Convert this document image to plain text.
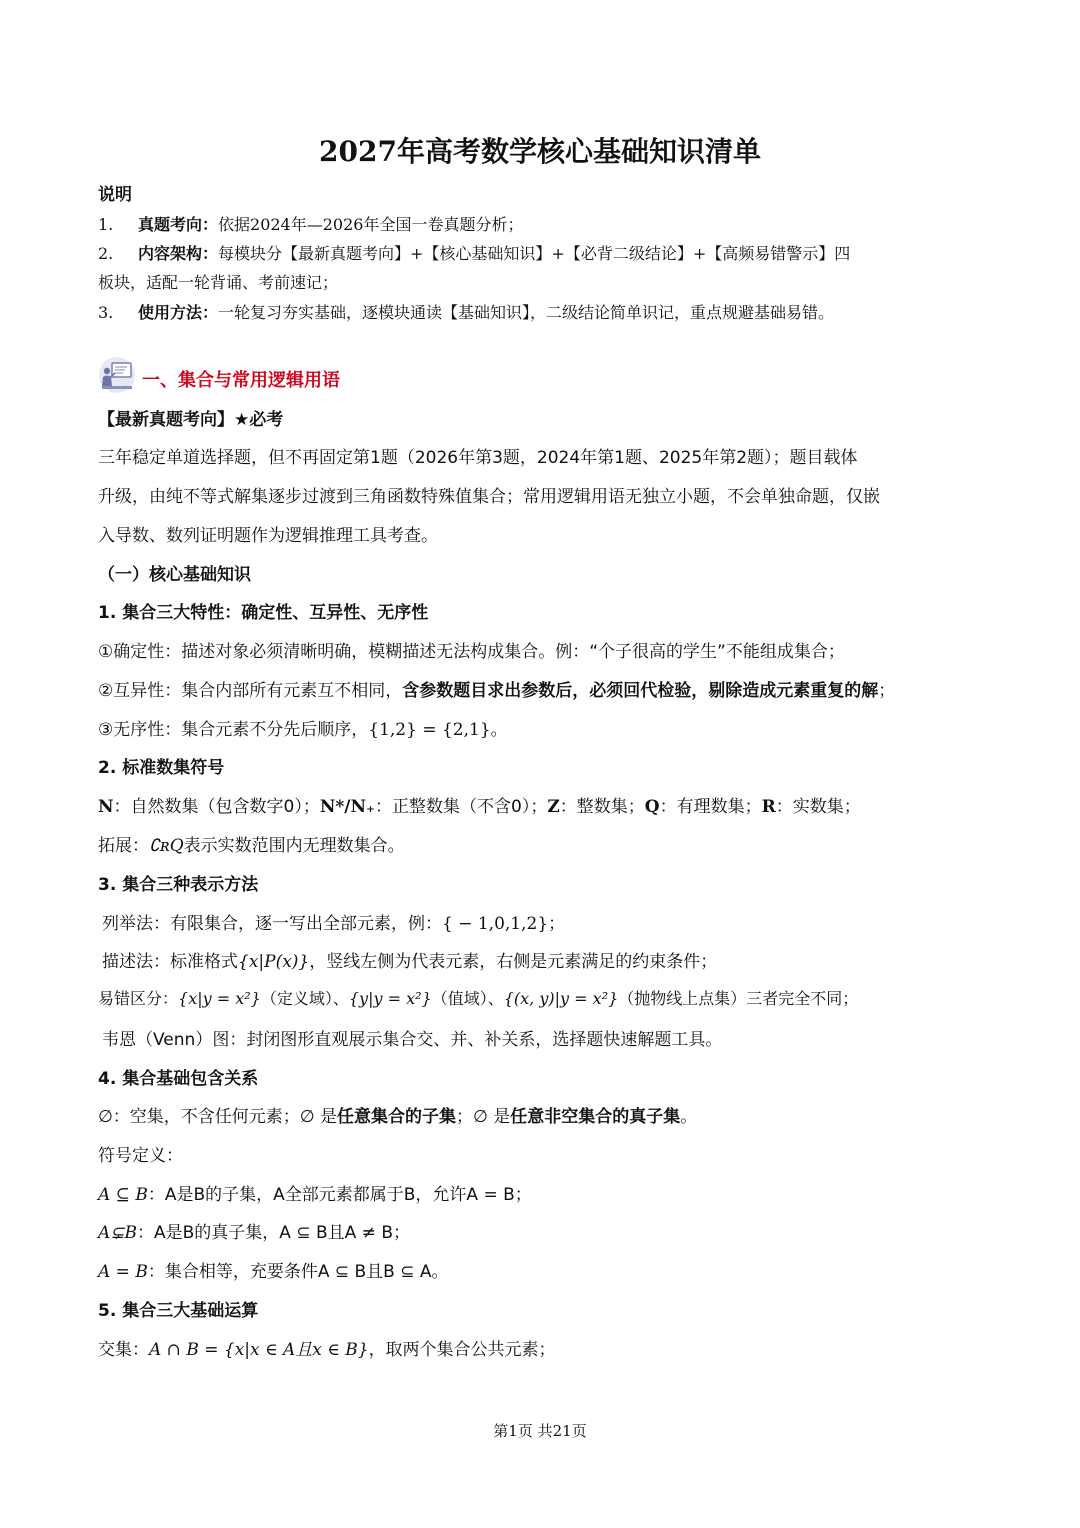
2027年高考数学核心基础知识清单
说明
1. 真题考向：依据2024年—2026年全国一卷真题分析；
2. 内容架构：每模块分【最新真题考向】+【核心基础知识】+【必背二级结论】+【高频易错警示】四
板块，适配一轮背诵、考前速记；
3. 使用方法：一轮复习夯实基础，逐模块通读【基础知识】，二级结论简单识记，重点规避基础易错。
一、集合与常用逻辑用语
【最新真题考向】★必考
三年稳定单道选择题，但不再固定第1题（2026年第3题，2024年第1题、2025年第2题）；题目载体
升级，由纯不等式解集逐步过渡到三角函数特殊值集合；常用逻辑用语无独立小题，不会单独命题，仅嵌
入导数、数列证明题作为逻辑推理工具考查。
（一）核心基础知识
1. 集合三大特性：确定性、互异性、无序性
①确定性：描述对象必须清晰明确，模糊描述无法构成集合。例：“个子很高的学生”不能组成集合；
②互异性：集合内部所有元素互不相同，含参数题目求出参数后，必须回代检验，剔除造成元素重复的解；
③无序性：集合元素不分先后顺序，{1,2} = {2,1}。
2. 标准数集符号
N：自然数集（包含数字0）；N*/N₊：正整数集（不含0）；Z：整数集；Q：有理数集；R：实数集；
拓展：∁ʀQ表示实数范围内无理数集合。
3. 集合三种表示方法
列举法：有限集合，逐一写出全部元素，例：{ − 1,0,1,2}；
描述法：标准格式{x|P(x)}，竖线左侧为代表元素，右侧是元素满足的约束条件；
易错区分：{x|y = x²}（定义域）、{y|y = x²}（值域）、{(x, y)|y = x²}（抛物线上点集）三者完全不同；
韦恩（Venn）图：封闭图形直观展示集合交、并、补关系，选择题快速解题工具。
4. 集合基础包含关系
∅：空集，不含任何元素；∅ 是任意集合的子集；∅ 是任意非空集合的真子集。
符号定义：
A ⊆ B：A是B的子集，A全部元素都属于B，允许A = B；
A⊊B：A是B的真子集，A ⊆ B且A ≠ B；
A = B：集合相等，充要条件A ⊆ B且B ⊆ A。
5. 集合三大基础运算
交集：A ∩ B = {x|x ∈ A且x ∈ B}，取两个集合公共元素；
第1页 共21页
